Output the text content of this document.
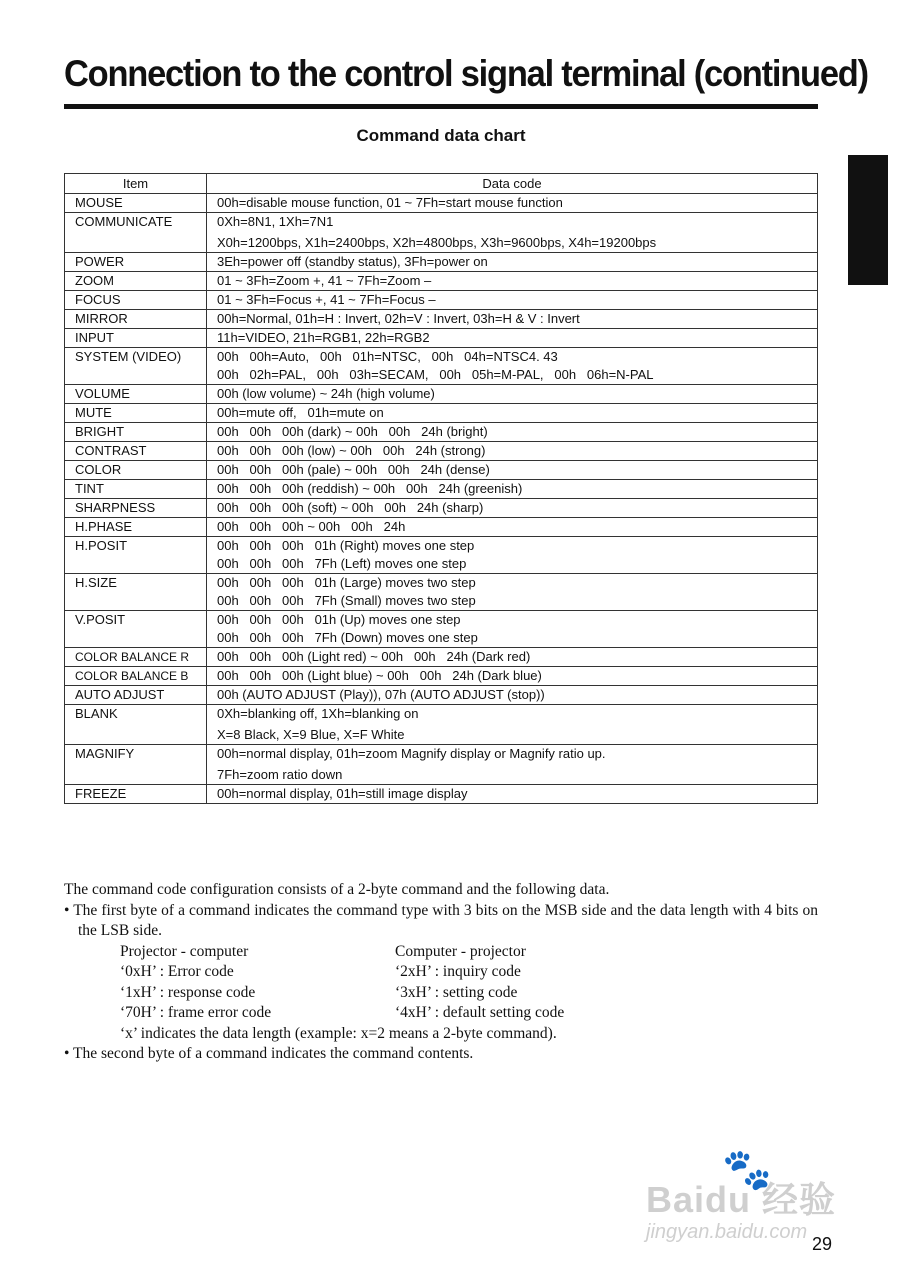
Connection to the control signal terminal (continued)
Command data chart
Item	Data code
MOUSE	00h=disable mouse function, 01 ~ 7Fh=start mouse function

COMMUNICATE	0Xh=8N1, 1Xh=7N1
X0h=1200bps, X1h=2400bps, X2h=4800bps, X3h=9600bps, X4h=19200bps

POWER	3Eh=power off (standby status), 3Fh=power on

ZOOM	01 ~ 3Fh=Zoom +, 41 ~ 7Fh=Zoom –

FOCUS	01 ~ 3Fh=Focus +, 41 ~ 7Fh=Focus –

MIRROR	00h=Normal, 01h=H : Invert, 02h=V : Invert, 03h=H & V : Invert

INPUT	11h=VIDEO, 21h=RGB1, 22h=RGB2

SYSTEM (VIDEO)	00h   00h=Auto,   00h   01h=NTSC,   00h   04h=NTSC4. 43
00h   02h=PAL,   00h   03h=SECAM,   00h   05h=M-PAL,   00h   06h=N-PAL

VOLUME	00h (low volume) ~ 24h (high volume)

MUTE	00h=mute off,   01h=mute on

BRIGHT	00h   00h   00h (dark) ~ 00h   00h   24h (bright)

CONTRAST	00h   00h   00h (low) ~ 00h   00h   24h (strong)

COLOR	00h   00h   00h (pale) ~ 00h   00h   24h (dense)

TINT	00h   00h   00h (reddish) ~ 00h   00h   24h (greenish)

SHARPNESS	00h   00h   00h (soft) ~ 00h   00h   24h (sharp)

H.PHASE	00h   00h   00h ~ 00h   00h   24h

H.POSIT	00h   00h   00h   01h (Right) moves one step
00h   00h   00h   7Fh (Left) moves one step

H.SIZE	00h   00h   00h   01h (Large) moves two step
00h   00h   00h   7Fh (Small) moves two step

V.POSIT	00h   00h   00h   01h (Up) moves one step
00h   00h   00h   7Fh (Down) moves one step

COLOR BALANCE R	00h   00h   00h (Light red) ~ 00h   00h   24h (Dark red)

COLOR BALANCE B	00h   00h   00h (Light blue) ~ 00h   00h   24h (Dark blue)

AUTO ADJUST	00h (AUTO ADJUST (Play)), 07h (AUTO ADJUST (stop))

BLANK	0Xh=blanking off, 1Xh=blanking on
X=8 Black, X=9 Blue, X=F White

MAGNIFY	00h=normal display, 01h=zoom Magnify display or Magnify ratio up.
7Fh=zoom ratio down

FREEZE	00h=normal display, 01h=still image display

The command code configuration consists of a 2-byte command and the following data.

• The first byte of a command indicates the command type with 3 bits on the MSB side and the data length with 4 bits on the LSB side.

Projector - computer	Computer - projector
‘0xH’ : Error code	‘2xH’ : inquiry code
‘1xH’ : response code	‘3xH’ : setting code
‘70H’ : frame error code	‘4xH’ : default setting code

‘x’ indicates the data length (example: x=2 means a 2-byte command).

• The second byte of a command indicates the command contents.

🐾
Baidu 经验
jingyan.baidu.com
29
